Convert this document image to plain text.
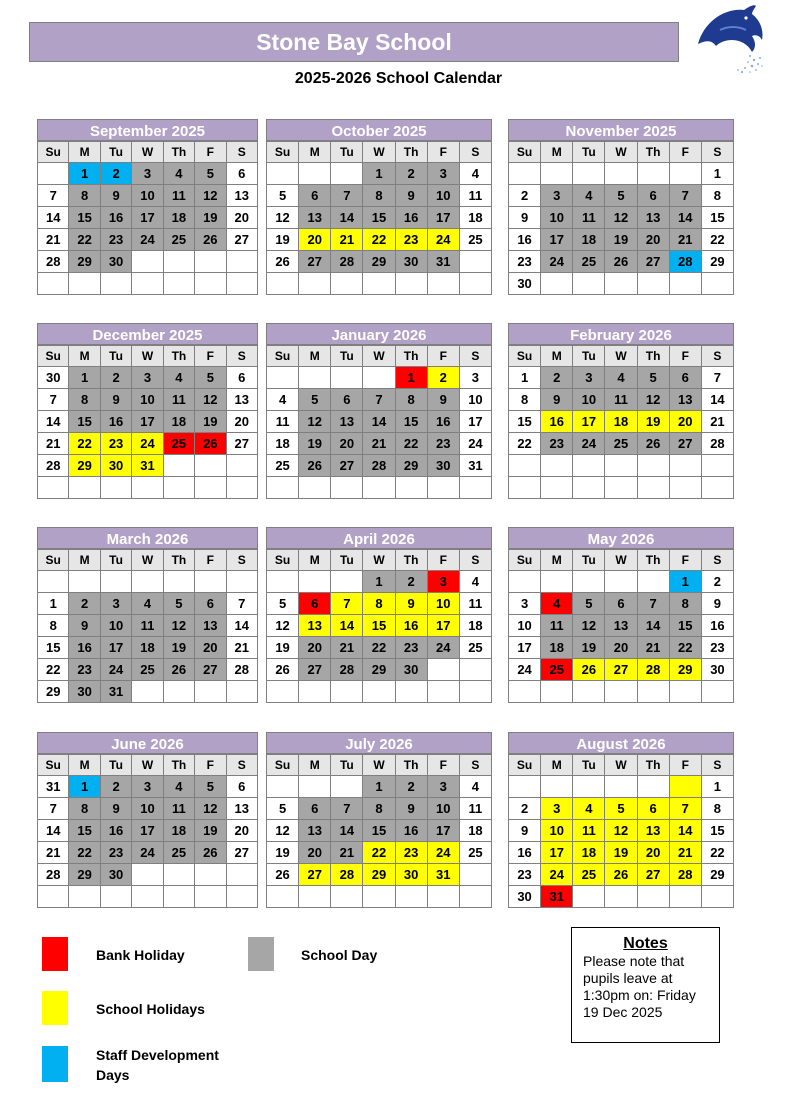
Stone Bay School
2025-2026 School Calendar
September 2025
Su	M	Tu	W	Th	F	S
	1	2	3	4	5	6
7	8	9	10	11	12	13
14	15	16	17	18	19	20
21	22	23	24	25	26	27
28	29	30				

October 2025
Su	M	Tu	W	Th	F	S
			1	2	3	4
5	6	7	8	9	10	11
12	13	14	15	16	17	18
19	20	21	22	23	24	25
26	27	28	29	30	31	

November 2025
Su	M	Tu	W	Th	F	S
						1
2	3	4	5	6	7	8
9	10	11	12	13	14	15
16	17	18	19	20	21	22
23	24	25	26	27	28	29
30						
December 2025
Su	M	Tu	W	Th	F	S
30	1	2	3	4	5	6
7	8	9	10	11	12	13
14	15	16	17	18	19	20
21	22	23	24	25	26	27
28	29	30	31			

January 2026
Su	M	Tu	W	Th	F	S
				1	2	3
4	5	6	7	8	9	10
11	12	13	14	15	16	17
18	19	20	21	22	23	24
25	26	27	28	29	30	31

February 2026
Su	M	Tu	W	Th	F	S
1	2	3	4	5	6	7
8	9	10	11	12	13	14
15	16	17	18	19	20	21
22	23	24	25	26	27	28

March 2026
Su	M	Tu	W	Th	F	S

1	2	3	4	5	6	7
8	9	10	11	12	13	14
15	16	17	18	19	20	21
22	23	24	25	26	27	28
29	30	31				
April 2026
Su	M	Tu	W	Th	F	S
			1	2	3	4
5	6	7	8	9	10	11
12	13	14	15	16	17	18
19	20	21	22	23	24	25
26	27	28	29	30		

May 2026
Su	M	Tu	W	Th	F	S
					1	2
3	4	5	6	7	8	9
10	11	12	13	14	15	16
17	18	19	20	21	22	23
24	25	26	27	28	29	30

June 2026
Su	M	Tu	W	Th	F	S
31	1	2	3	4	5	6
7	8	9	10	11	12	13
14	15	16	17	18	19	20
21	22	23	24	25	26	27
28	29	30				

July 2026
Su	M	Tu	W	Th	F	S
			1	2	3	4
5	6	7	8	9	10	11
12	13	14	15	16	17	18
19	20	21	22	23	24	25
26	27	28	29	30	31	

August 2026
Su	M	Tu	W	Th	F	S
						1
2	3	4	5	6	7	8
9	10	11	12	13	14	15
16	17	18	19	20	21	22
23	24	25	26	27	28	29
30	31					
Bank Holiday	School Day
School Holidays
Staff Development Days
Notes
Please note that pupils leave at 1:30pm on: Friday 19 Dec 2025
